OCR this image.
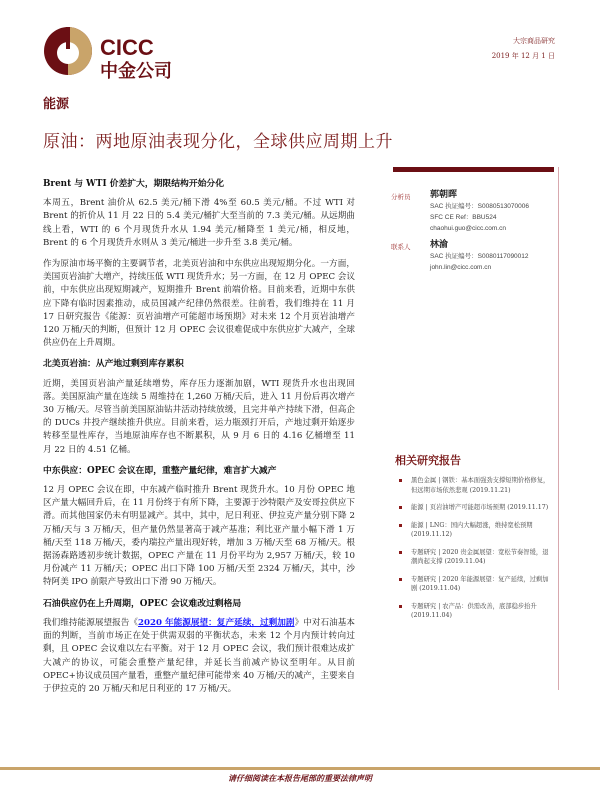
CICC
中金公司
大宗商品研究
2019 年 12 月 1 日
能源
原油：两地原油表现分化，全球供应周期上升
Brent 与 WTI 价差扩大，期限结构开始分化

本周五，Brent 油价从 62.5 美元/桶下滑 4%至 60.5 美元/桶。不过 WTI 对 Brent 的折价从 11 月 22 日的 5.4 美元/桶扩大至当前的 7.3 美元/桶。从远期曲线上看，WTI 的 6 个月现货升水从 1.94 美元/桶降至 1 美元/桶，相反地，Brent 的 6 个月现货升水则从 3 美元/桶进一步升至 3.8 美元/桶。

作为原油市场平衡的主要调节者，北美页岩油和中东供应出现短期分化。一方面，美国页岩油扩大增产，持续压低 WTI 现货升水；另一方面，在 12 月 OPEC 会议前，中东供应出现短期减产，短期推升 Brent 前端价格。目前来看，近期中东供应下降有临时因素推动，成员国减产纪律仍然很差。往前看，我们维持在 11 月 17 日研究报告《能源：页岩油增产可能超市场预期》对未来 12 个月页岩油增产 120 万桶/天的判断，但预计 12 月 OPEC 会议很难促成中东供应扩大减产，全球供应仍在上升周期。

北美页岩油：从产地过剩到库存累积

近期，美国页岩油产量延续增势，库存压力逐渐加剧，WTI 现货升水也出现回落。美国原油产量在连续 5 周维持在 1,260 万桶/天后，进入 11 月份后再次增产 30 万桶/天。尽管当前美国原油钻井活动持续放缓，且完井单产持续下滑，但高企的 DUCs 井投产继续推升供应。目前来看，运力瓶颈打开后，产地过剩开始逐步转移至显性库存，当地原油库存也不断累积，从 9 月 6 日的 4.16 亿桶增至 11 月 22 日的 4.51 亿桶。

中东供应：OPEC 会议在即，重整产量纪律，难言扩大减产

12 月 OPEC 会议在即，中东减产临时推升 Brent 现货升水。10 月份 OPEC 地区产量大幅回升后，在 11 月份终于有所下降，主要源于沙特限产及安哥拉供应下滑。而其他国家仍未有明显减产。其中，其中，尼日利亚、伊拉克产量分别下降 2 万桶/天与 3 万桶/天，但产量仍然显著高于减产基准；利比亚产量小幅下滑 1 万桶/天至 118 万桶/天，委内瑞拉产量出现好转，增加 3 万桶/天至 68 万桶/天。根据汤森路透初步统计数据，OPEC 产量在 11 月份平均为 2,957 万桶/天，较 10 月份减产 11 万桶/天；OPEC 出口下降 100 万桶/天至 2324 万桶/天，其中，沙特阿美 IPO 前限产导致出口下滑 90 万桶/天。

石油供应仍在上升周期，OPEC 会议难改过剩格局

我们维持能源展望报告《2020 年能源展望：复产延续，过剩加剧》中对石油基本面的判断，当前市场正在处于供需双弱的平衡状态，未来 12 个月内预计转向过剩，且 OPEC 会议难以左右平衡。对于 12 月 OPEC 会议，我们预计很难达成扩大减产的协议，可能会重整产量纪律，并延长当前减产协议至明年。从目前 OPEC+协议成员国产量看，重整产量纪律可能带来 40 万桶/天的减产，主要来自于伊拉克的 20 万桶/天和尼日利亚的 17 万桶/天。

分析员 郭朝晖
SAC 执证编号：S0080513070006
SFC CE Ref：BBU524
chaohui.guo@cicc.com.cn
联系人 林渝
SAC 执证编号：S0080117090012
john.lin@cicc.com.cn
相关研究报告
黑色金属 | 钢铁：基本面强劲支撑短期价格修复，但远期市场依然悲观 (2019.11.21)
能源 | 页岩油增产可能超市场预期 (2019.11.17)
能源 | LNG：国内大幅超涨，维持宽松预期 (2019.11.12)
专题研究 | 2020 贵金属展望：宽松节奏智缓，退潮尚起支撑 (2019.11.04)
专题研究 | 2020 年能源展望：复产延续，过剩加剧 (2019.11.04)
专题研究 | 农产品：供需改善，底部稳步抬升 (2019.11.04)
请仔细阅读在本报告尾部的重要法律声明
